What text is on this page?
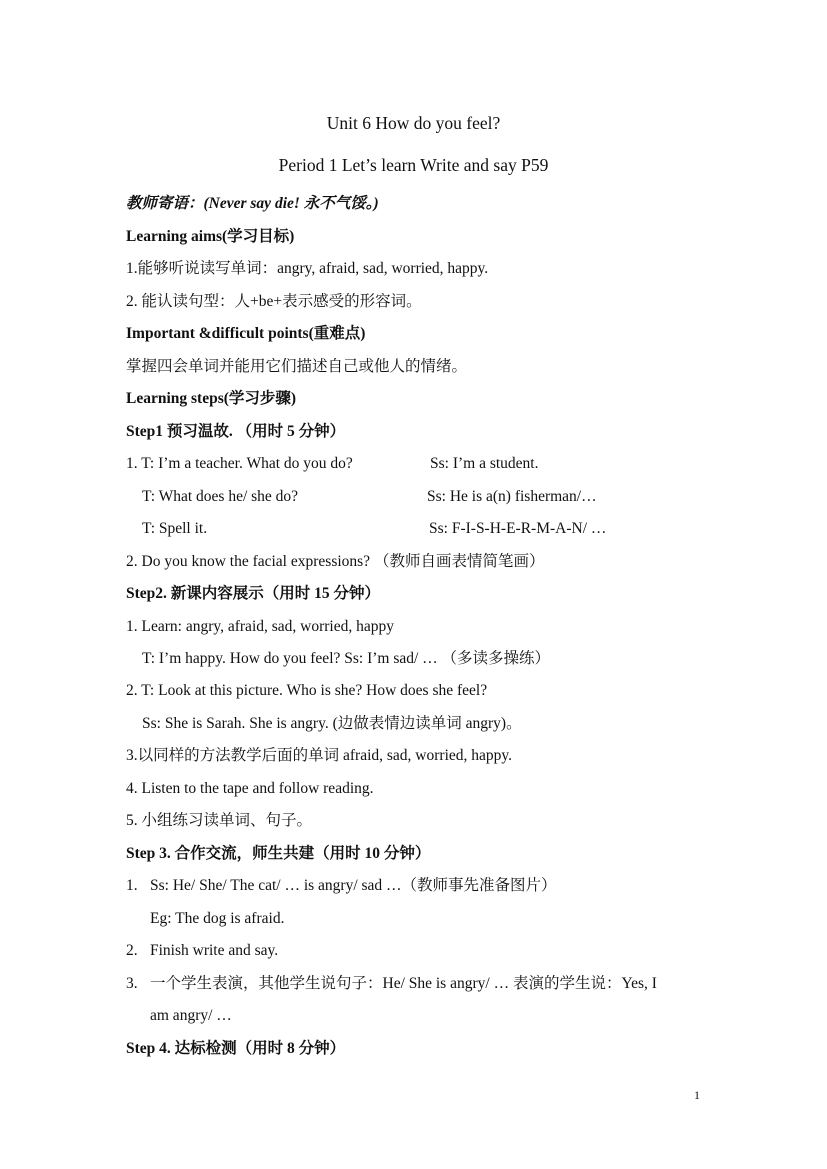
Unit 6 How do you feel?
Period 1 Let’s learn Write and say P59
教师寄语：(Never say die! 永不气馁。)
Learning aims(学习目标)
1.能够听说读写单词：angry, afraid, sad, worried, happy.
2. 能认读句型：人+be+表示感受的形容词。
Important &difficult points(重难点)
掌握四会单词并能用它们描述自己或他人的情绪。
Learning steps(学习步骤)
Step1 预习温故. （用时 5 分钟）
1. T: I’m a teacher. What do you do?	Ss: I’m a student.
T: What does he/ she do?	Ss: He is a(n) fisherman/…
T: Spell it.	Ss: F-I-S-H-E-R-M-A-N/ …
2. Do you know the facial expressions? （教师自画表情简笔画）
Step2. 新课内容展示（用时 15 分钟）
1. Learn: angry, afraid, sad, worried, happy
T: I’m happy. How do you feel? Ss: I’m sad/ … （多读多操练）
2. T: Look at this picture. Who is she? How does she feel?
Ss: She is Sarah. She is angry. (边做表情边读单词 angry)。
3.以同样的方法教学后面的单词 afraid, sad, worried, happy.
4. Listen to the tape and follow reading.
5. 小组练习读单词、句子。
Step 3. 合作交流，师生共建（用时 10 分钟）
1. Ss: He/ She/ The cat/ … is angry/ sad …（教师事先准备图片）
Eg: The dog is afraid.
2. Finish write and say.
3. 一个学生表演，其他学生说句子：He/ She is angry/ … 表演的学生说：Yes, I
am angry/ …
Step 4. 达标检测（用时 8 分钟）
1
